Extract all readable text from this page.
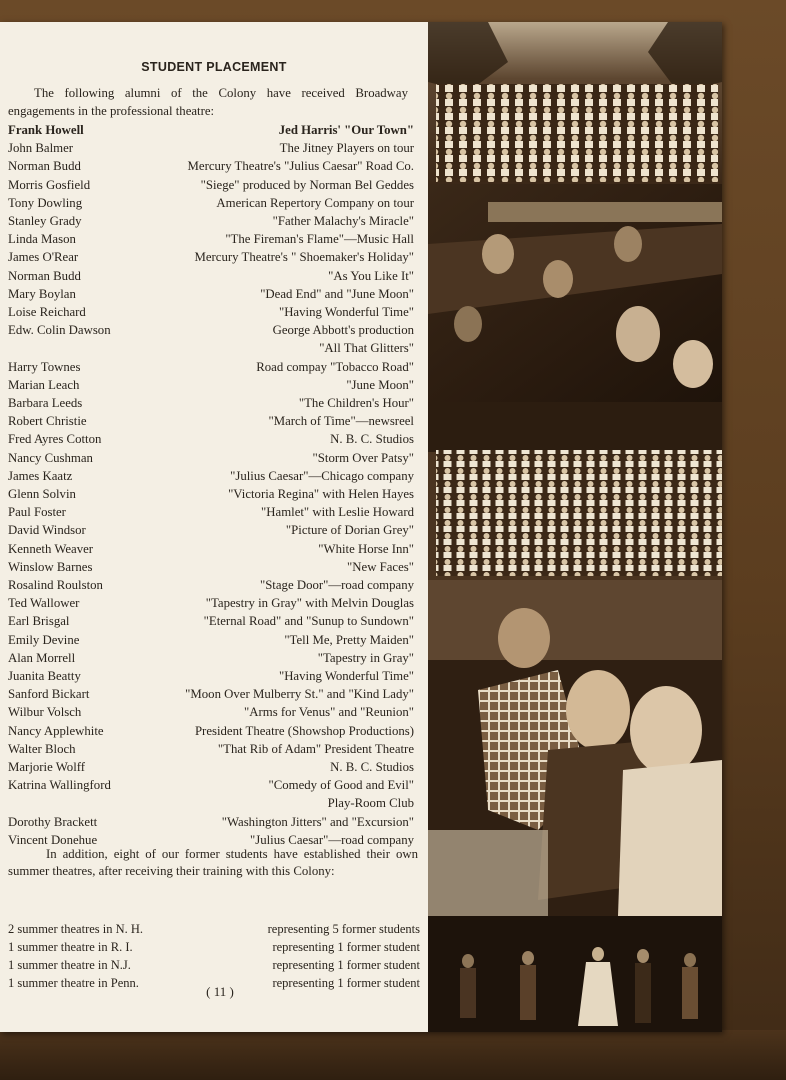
STUDENT PLACEMENT
The following alumni of the Colony have received Broadway engagements in the professional theatre:
Frank Howell	Jed Harris' "Our Town"
John Balmer	The Jitney Players on tour
Norman Budd	Mercury Theatre's "Julius Caesar" Road Co.
Morris Gosfield	"Siege" produced by Norman Bel Geddes
Tony Dowling	American Repertory Company on tour
Stanley Grady	"Father Malachy's Miracle"
Linda Mason	"The Fireman's Flame"—Music Hall
James O'Rear	Mercury Theatre's " Shoemaker's Holiday"
Norman Budd	"As You Like It"
Mary Boylan	"Dead End" and "June Moon"
Loise Reichard	"Having Wonderful Time"
Edw. Colin Dawson	George Abbott's production
"All That Glitters"
Harry Townes	Road compay "Tobacco Road"
Marian Leach	"June Moon"
Barbara Leeds	"The Children's Hour"
Robert Christie	"March of Time"—newsreel
Fred Ayres Cotton	N. B. C. Studios
Nancy Cushman	"Storm Over Patsy"
James Kaatz	"Julius Caesar"—Chicago company
Glenn Solvin	"Victoria Regina" with Helen Hayes
Paul Foster	"Hamlet" with Leslie Howard
David Windsor	"Picture of Dorian Grey"
Kenneth Weaver	"White Horse Inn"
Winslow Barnes	"New Faces"
Rosalind Roulston	"Stage Door"—road company
Ted Wallower	"Tapestry in Gray" with Melvin Douglas
Earl Brisgal	"Eternal Road" and "Sunup to Sundown"
Emily Devine	"Tell Me, Pretty Maiden"
Alan Morrell	"Tapestry in Gray"
Juanita Beatty	"Having Wonderful Time"
Sanford Bickart	"Moon Over Mulberry St." and "Kind Lady"
Wilbur Volsch	"Arms for Venus" and "Reunion"
Nancy Applewhite	President Theatre (Showshop Productions)
Walter Bloch	"That Rib of Adam" President Theatre
Marjorie Wolff	N. B. C. Studios
Katrina Wallingford	"Comedy of Good and Evil"
Play-Room Club
Dorothy Brackett	"Washington Jitters" and "Excursion"
Vincent Donehue	"Julius Caesar"—road company
In addition, eight of our former students have established their own summer theatres, after receiving their training with this Colony:
2 summer theatres in N. H.	representing 5 former students
1 summer theatre in R. I.	representing 1 former student
1 summer theatre in N.J.	representing 1 former student
1 summer theatre in Penn.	representing 1 former student
( 11 )
